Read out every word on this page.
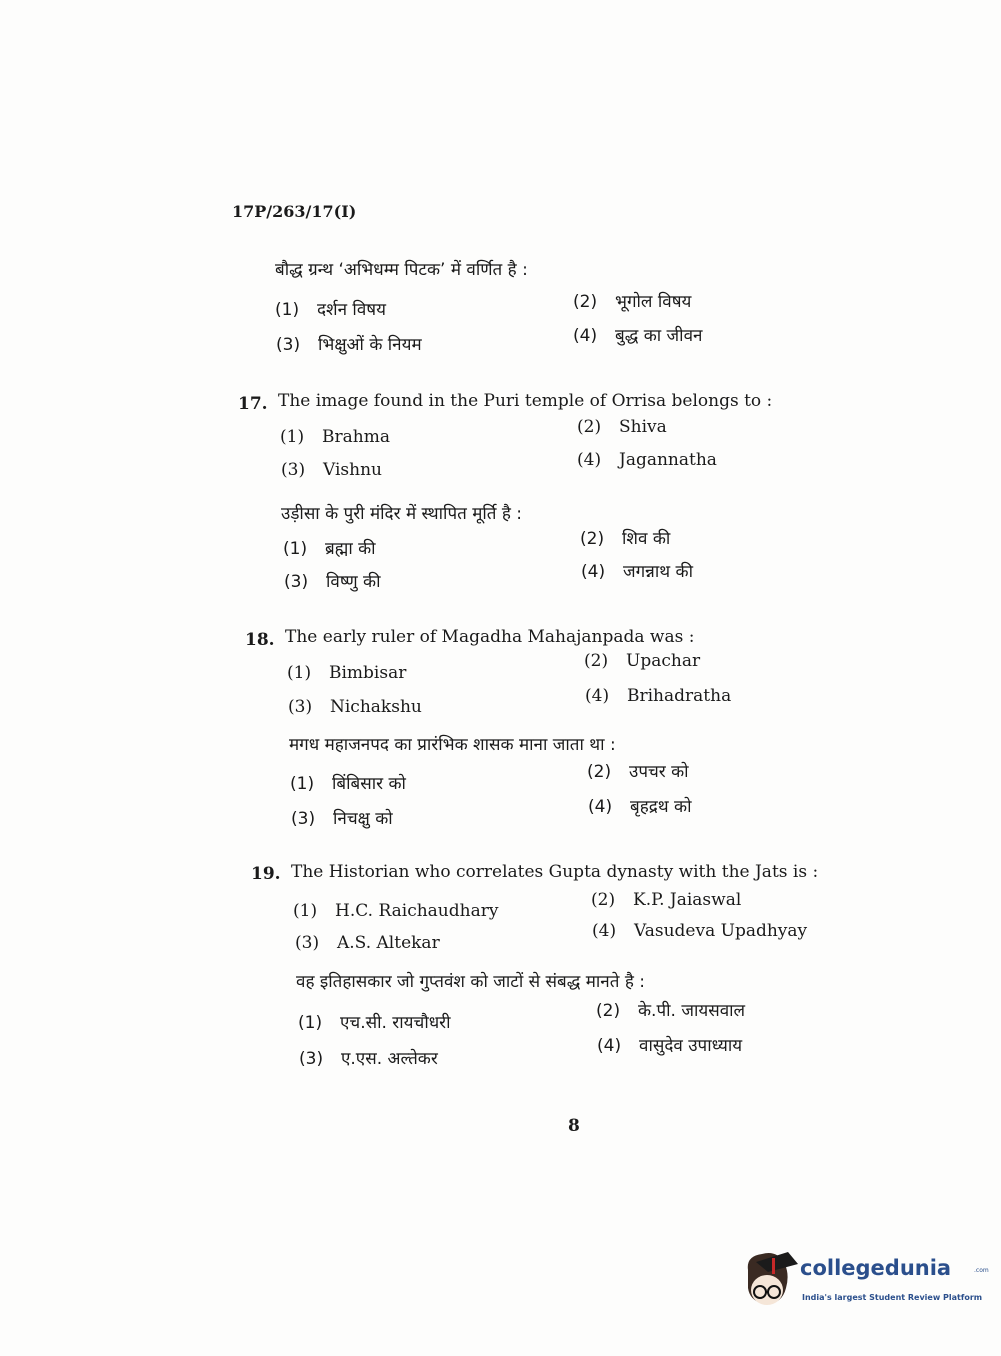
17P/263/17(I)
बौद्ध ग्रन्थ ‘अभिधम्म पिटक’ में वर्णित है :
(1) दर्शन विषय	(2) भूगोल विषय
(3) भिक्षुओं के नियम	(4) बुद्ध का जीवन
17. The image found in the Puri temple of Orrisa belongs to :
(1) Brahma	(2) Shiva
(3) Vishnu	(4) Jagannatha
उड़ीसा के पुरी मंदिर में स्थापित मूर्ति है :
(1) ब्रह्मा की	(2) शिव की
(3) विष्णु की	(4) जगन्नाथ की
18. The early ruler of Magadha Mahajanpada was :
(1) Bimbisar
(2) Upachar
(3) Nichakshu
(4) Brihadratha
मगध महाजनपद का प्रारंभिक शासक माना जाता था :
(1) बिंबिसार को
(2) उपचर को
(3) निचक्षु को
(4) बृहद्रथ को
19. The Historian who correlates Gupta dynasty with the Jats is :
(1) H.C. Raichaudhary
(2) K.P. Jaiaswal
(3) A.S. Altekar
(4) Vasudeva Upadhyay
वह इतिहासकार जो गुप्तवंश को जाटों से संबद्ध मानते है :
(1) एच.सी. रायचौधरी
(2) के.पी. जायसवाल
(3) ए.एस. अल्तेकर
(4) वासुदेव उपाध्याय
8
collegedunia	.com
India's largest Student Review Platform
